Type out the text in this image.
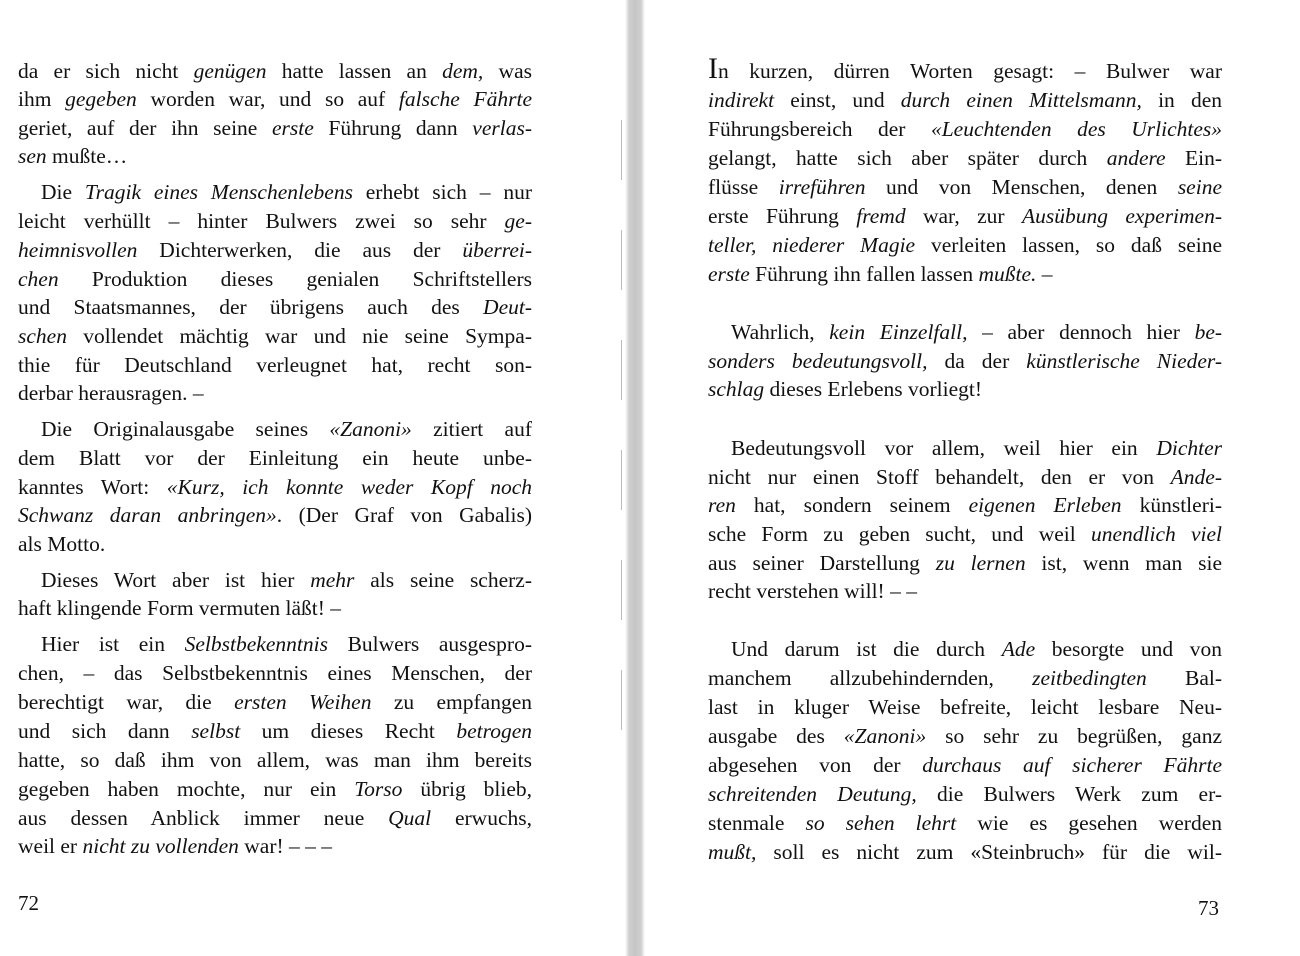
da er sich nicht genügen hatte lassen an dem, was
ihm gegeben worden war, und so auf falsche Fährte
geriet, auf der ihn seine erste Führung dann verlas-
sen mußte…
Die Tragik eines Menschenlebens erhebt sich – nur
leicht verhüllt – hinter Bulwers zwei so sehr ge-
heimnisvollen Dichterwerken, die aus der überrei-
chen Produktion dieses genialen Schriftstellers
und Staatsmannes, der übrigens auch des Deut-
schen vollendet mächtig war und nie seine Sympa-
thie für Deutschland verleugnet hat, recht son-
derbar herausragen. –
Die Originalausgabe seines «Zanoni» zitiert auf
dem Blatt vor der Einleitung ein heute unbe-
kanntes Wort: «Kurz, ich konnte weder Kopf noch
Schwanz daran anbringen». (Der Graf von Gabalis)
als Motto.
Dieses Wort aber ist hier mehr als seine scherz-
haft klingende Form vermuten läßt! –
Hier ist ein Selbstbekenntnis Bulwers ausgespro-
chen, – das Selbstbekenntnis eines Menschen, der
berechtigt war, die ersten Weihen zu empfangen
und sich dann selbst um dieses Recht betrogen
hatte, so daß ihm von allem, was man ihm bereits
gegeben haben mochte, nur ein Torso übrig blieb,
aus dessen Anblick immer neue Qual erwuchs,
weil er nicht zu vollenden war! – – –
72
In kurzen, dürren Worten gesagt: – Bulwer war
indirekt einst, und durch einen Mittelsmann, in den
Führungsbereich der «Leuchtenden des Urlichtes»
gelangt, hatte sich aber später durch andere Ein-
flüsse irreführen und von Menschen, denen seine
erste Führung fremd war, zur Ausübung experimen-
teller, niederer Magie verleiten lassen, so daß seine
erste Führung ihn fallen lassen mußte. –
Wahrlich, kein Einzelfall, – aber dennoch hier be-
sonders bedeutungsvoll, da der künstlerische Nieder-
schlag dieses Erlebens vorliegt!
Bedeutungsvoll vor allem, weil hier ein Dichter
nicht nur einen Stoff behandelt, den er von Ande-
ren hat, sondern seinem eigenen Erleben künstleri-
sche Form zu geben sucht, und weil unendlich viel
aus seiner Darstellung zu lernen ist, wenn man sie
recht verstehen will! – –
Und darum ist die durch Ade besorgte und von
manchem allzubehindernden, zeitbedingten Bal-
last in kluger Weise befreite, leicht lesbare Neu-
ausgabe des «Zanoni» so sehr zu begrüßen, ganz
abgesehen von der durchaus auf sicherer Fährte
schreitenden Deutung, die Bulwers Werk zum er-
stenmale so sehen lehrt wie es gesehen werden
mußt, soll es nicht zum «Steinbruch» für die wil-
73
